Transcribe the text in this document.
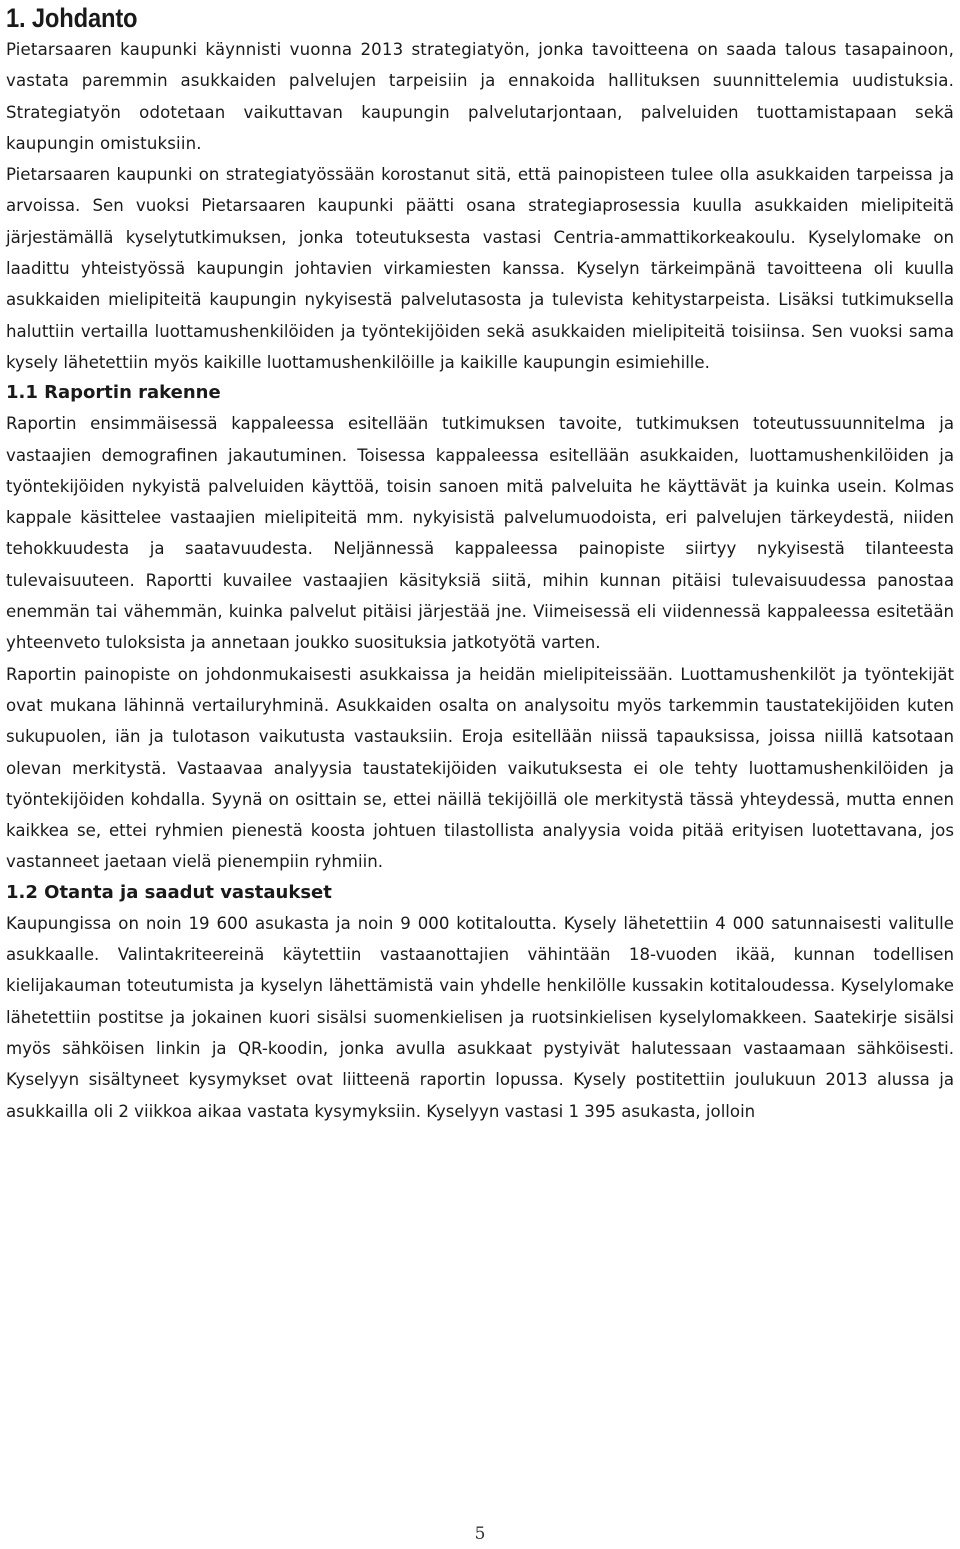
1. Johdanto

Pietarsaaren kaupunki käynnisti vuonna 2013 strategiatyön, jonka tavoitteena on saada talous tasapainoon, vastata paremmin asukkaiden palvelujen tarpeisiin ja ennakoida hallituksen suunnittelemia uudistuksia. Strategiatyön odotetaan vaikuttavan kaupungin palvelutarjontaan, palveluiden tuottamistapaan sekä kaupungin omistuksiin.

Pietarsaaren kaupunki on strategiatyössään korostanut sitä, että painopisteen tulee olla asukkaiden tarpeissa ja arvoissa. Sen vuoksi Pietarsaaren kaupunki päätti osana strategiaprosessia kuulla asukkaiden mielipiteitä järjestämällä kyselytutkimuksen, jonka toteutuksesta vastasi Centria-ammattikorkeakoulu. Kyselylomake on laadittu yhteistyössä kaupungin johtavien virkamiesten kanssa. Kyselyn tärkeimpänä tavoitteena oli kuulla asukkaiden mielipiteitä kaupungin nykyisestä palvelutasosta ja tulevista kehitystarpeista. Lisäksi tutkimuksella haluttiin vertailla luottamushenkilöiden ja työntekijöiden sekä asukkaiden mielipiteitä toisiinsa. Sen vuoksi sama kysely lähetettiin myös kaikille luottamushenkilöille ja kaikille kaupungin esimiehille.

1.1 Raportin rakenne

Raportin ensimmäisessä kappaleessa esitellään tutkimuksen tavoite, tutkimuksen toteutussuunnitelma ja vastaajien demografinen jakautuminen. Toisessa kappaleessa esitellään asukkaiden, luottamushenkilöiden ja työntekijöiden nykyistä palveluiden käyttöä, toisin sanoen mitä palveluita he käyttävät ja kuinka usein. Kolmas kappale käsittelee vastaajien mielipiteitä mm. nykyisistä palvelumuodoista, eri palvelujen tärkeydestä, niiden tehokkuudesta ja saatavuudesta. Neljännessä kappaleessa painopiste siirtyy nykyisestä tilanteesta tulevaisuuteen. Raportti kuvailee vastaajien käsityksiä siitä, mihin kunnan pitäisi tulevaisuudessa panostaa enemmän tai vähemmän, kuinka palvelut pitäisi järjestää jne. Viimeisessä eli viidennessä kappaleessa esitetään yhteenveto tuloksista ja annetaan joukko suosituksia jatkotyötä varten.

Raportin painopiste on johdonmukaisesti asukkaissa ja heidän mielipiteissään. Luottamushenkilöt ja työntekijät ovat mukana lähinnä vertailuryhminä. Asukkaiden osalta on analysoitu myös tarkemmin taustatekijöiden kuten sukupuolen, iän ja tulotason vaikutusta vastauksiin. Eroja esitellään niissä tapauksissa, joissa niillä katsotaan olevan merkitystä. Vastaavaa analyysia taustatekijöiden vaikutuksesta ei ole tehty luottamushenkilöiden ja työntekijöiden kohdalla. Syynä on osittain se, ettei näillä tekijöillä ole merkitystä tässä yhteydessä, mutta ennen kaikkea se, ettei ryhmien pienestä koosta johtuen tilastollista analyysia voida pitää erityisen luotettavana, jos vastanneet jaetaan vielä pienempiin ryhmiin.

1.2 Otanta ja saadut vastaukset

Kaupungissa on noin 19 600 asukasta ja noin 9 000 kotitaloutta. Kysely lähetettiin 4 000 satunnaisesti valitulle asukkaalle. Valintakriteereinä käytettiin vastaanottajien vähintään 18-vuoden ikää, kunnan todellisen kielijakauman toteutumista ja kyselyn lähettämistä vain yhdelle henkilölle kussakin kotitaloudessa. Kyselylomake lähetettiin postitse ja jokainen kuori sisälsi suomenkielisen ja ruotsinkielisen kyselylomakkeen. Saatekirje sisälsi myös sähköisen linkin ja QR-koodin, jonka avulla asukkaat pystyivät halutessaan vastaamaan sähköisesti. Kyselyyn sisältyneet kysymykset ovat liitteenä raportin lopussa. Kysely postitettiin joulukuun 2013 alussa ja asukkailla oli 2 viikkoa aikaa vastata kysymyksiin. Kyselyyn vastasi 1 395 asukasta, jolloin

5
